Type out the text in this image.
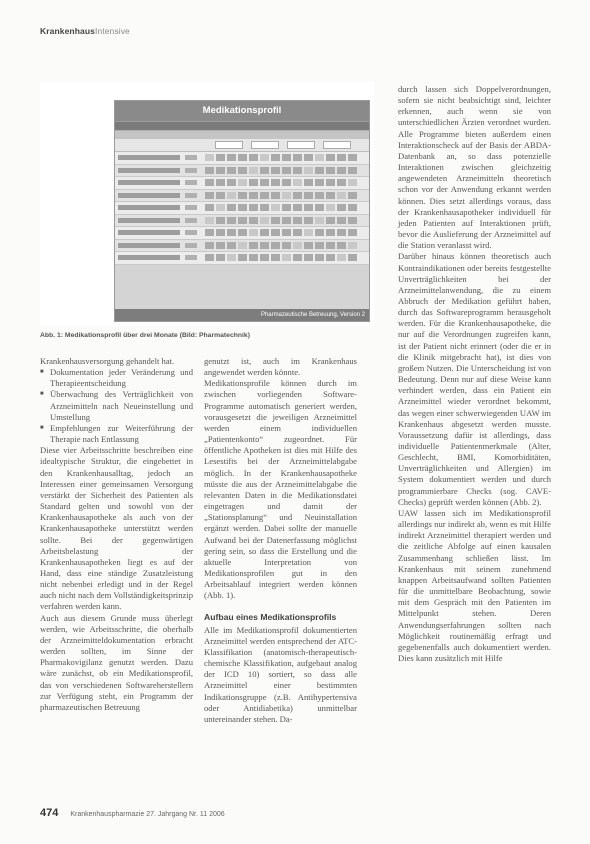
KrankenhausIntensive
Medikationsprofil
Pharmazeutische Betreuung, Version 2
Abb. 1: Medikationsprofil über drei Monate (Bild: Pharmatechnik)

Krankenhausversorgung gehandelt hat.

■ Dokumentation jeder Veränderung und Therapieentscheidung
■ Überwachung des Verträglichkeit von Arzneimitteln nach Neueinstellung und Umstellung
■ Empfehlungen zur Weiterführung der Therapie nach Entlassung

Diese vier Arbeitsschritte beschreiben eine idealtypische Struktur, die eingebettet in den Krankenhausalltag, jedoch an Interessen einer gemeinsamen Versorgung verstärkt der Sicherheit des Patienten als Standard gelten und sowohl von der Krankenhausapotheke als auch von der Krankenhausapotheke unterstützt werden sollte. Bei der gegenwärtigen Arbeitsbelastung der Krankenhausapotheken liegt es auf der Hand, dass eine ständige Zusatzleistung nicht nebenbei erledigt und in der Regel auch nicht nach dem Vollständigkeitsprinzip verfahren werden kann.

Auch aus diesem Grunde muss überlegt werden, wie Arbeitsschritte, die oberhalb der Arzneimitteldokumentation erbracht werden sollten, im Sinne der Pharmakovigilanz genutzt werden. Dazu wäre zunächst, ob ein Medikationsprofil, das von verschiedenen Softwareherstellern zur Verfügung steht, ein Programm der pharmazeutischen Betreuung

genutzt ist, auch im Krankenhaus angewendet werden könnte.

Medikationsprofile können durch im zwischen vorliegenden Software-Programme automatisch generiert werden, vorausgesetzt die jeweiligen Arzneimittel werden einem individuellen „Patientenkonto“ zugeordnet. Für öffentliche Apotheken ist dies mit Hilfe des Lesestifts bei der Arzneimittelabgabe möglich. In der Krankenhausapotheke müsste die aus der Arzneimittelabgabe die relevanten Daten in die Medikationsdatei eingetragen und damit der „Stationsplanung“ und Neuinstallation ergänzt werden. Dabei sollte der manuelle Aufwand bei der Datenerfassung möglichst gering sein, so dass die Erstellung und die aktuelle Interpretation von Medikationsprofilen gut in den Arbeitsablauf integriert werden können (Abb. 1).

Aufbau eines Medikationsprofils

Alle im Medikationsprofil dokumentierten Arzneimittel werden entsprechend der ATC-Klassifikation (anatomisch-therapeutisch-chemische Klassifikation, aufgebaut analog der ICD 10) sortiert, so dass alle Arzneimittel einer bestimmten Indikationsgruppe (z.B. Antihypertensiva oder Antidiabetika) unmittelbar untereinander stehen. Da-

durch lassen sich Doppelverordnungen, sofern sie nicht beabsichtigt sind, leichter erkennen, auch wenn sie von unterschiedlichen Ärzten verordnet wurden. Alle Programme bieten außerdem einen Interaktionscheck auf der Basis der ABDA-Datenbank an, so dass potenzielle Interaktionen zwischen gleichzeitig angewendeten Arzneimitteln theoretisch schon vor der Anwendung erkannt werden können. Dies setzt allerdings voraus, dass der Krankenhausapotheker individuell für jeden Patienten auf Interaktionen prüft, bevor die Auslieferung der Arzneimittel auf die Station veranlasst wird.

Darüber hinaus können theoretisch auch Kontraindikationen oder bereits festgestellte Unverträglichkeiten bei der Arzneimittelanwendung, die zu einem Abbruch der Medikation geführt haben, durch das Softwareprogramm herausgeholt werden. Für die Krankenhausapotheke, die nur auf die Verordnungen zugreifen kann, ist der Patient nicht erinnert (oder die er in die Klinik mitgebracht hat), ist dies von großem Nutzen. Die Unterscheidung ist von Bedeutung. Denn nur auf diese Weise kann verhindert werden, dass ein Patient ein Arzneimittel wieder verordnet bekommt, das wegen einer schwerwiegenden UAW im Krankenhaus abgesetzt werden musste. Voraussetzung dafür ist allerdings, dass individuelle Patientenmerkmale (Alter, Geschlecht, BMI, Komorbiditäten, Unverträglichkeiten und Allergien) im System dokumentiert werden und durch programmierbare Checks (sog. CAVE-Checks) geprüft werden können (Abb. 2).

UAW lassen sich im Medikationsprofil allerdings nur indirekt ab, wenn es mit Hilfe indirekt Arzneimittel therapiert werden und die zeitliche Abfolge auf einen kausalen Zusammenhang schließen lässt. Im Krankenhaus mit seinem zunehmend knappen Arbeitsaufwand sollten Patienten für die unmittelbare Beobachtung, sowie mit dem Gespräch mit den Patienten im Mittelpunkt stehen. Deren Anwendungserfahrungen sollten nach Möglichkeit routinemäßig erfragt und gegebenenfalls auch dokumentiert werden. Dies kann zusätzlich mit Hilfe

474 Krankenhauspharmazie 27. Jahrgang Nr. 11 2006
